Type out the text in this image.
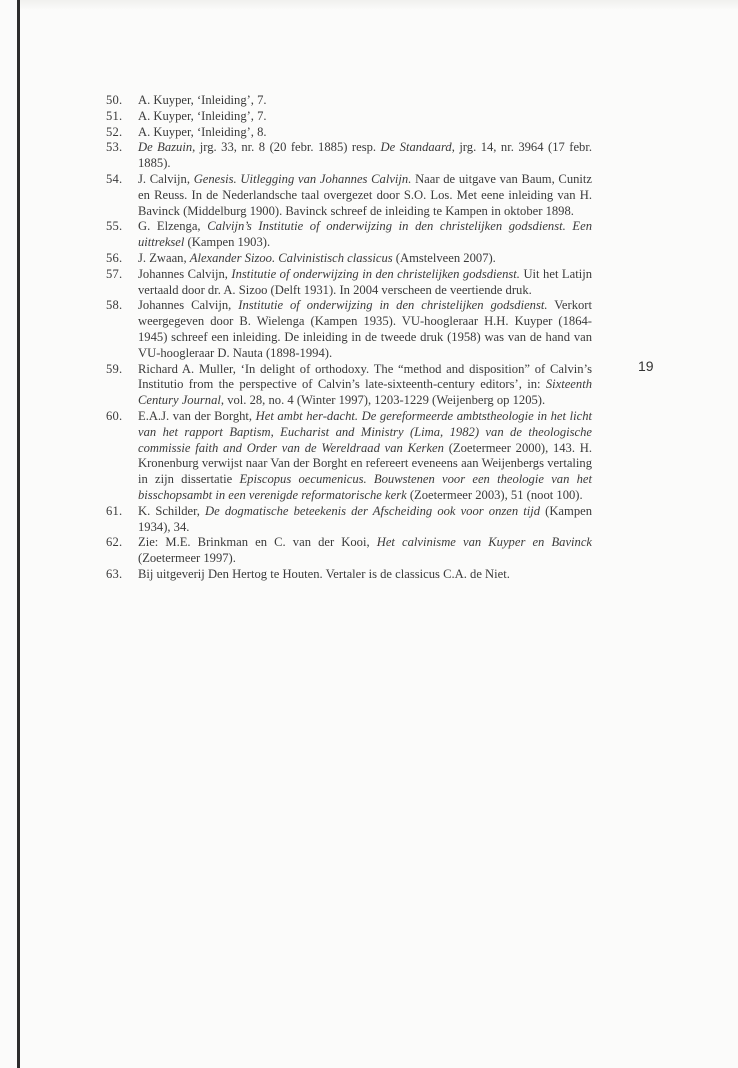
50. A. Kuyper, ‘Inleiding’, 7.
51. A. Kuyper, ‘Inleiding’, 7.
52. A. Kuyper, ‘Inleiding’, 8.
53. De Bazuin, jrg. 33, nr. 8 (20 febr. 1885) resp. De Standaard, jrg. 14, nr. 3964 (17 febr. 1885).
54. J. Calvijn, Genesis. Uitlegging van Johannes Calvijn. Naar de uitgave van Baum, Cunitz en Reuss. In de Nederlandsche taal overgezet door S.O. Los. Met eene inleiding van H. Bavinck (Middelburg 1900). Bavinck schreef de inleiding te Kampen in oktober 1898.
55. G. Elzenga, Calvijn’s Institutie of onderwijzing in den christelijken godsdienst. Een uittreksel (Kampen 1903).
56. J. Zwaan, Alexander Sizoo. Calvinistisch classicus (Amstelveen 2007).
57. Johannes Calvijn, Institutie of onderwijzing in den christelijken godsdienst. Uit het Latijn vertaald door dr. A. Sizoo (Delft 1931). In 2004 verscheen de veertiende druk.
58. Johannes Calvijn, Institutie of onderwijzing in den christelijken godsdienst. Verkort weergegeven door B. Wielenga (Kampen 1935). VU-hoogleraar H.H. Kuyper (1864-1945) schreef een inleiding. De inleiding in de tweede druk (1958) was van de hand van VU-hoogleraar D. Nauta (1898-1994).
59. Richard A. Muller, ‘In delight of orthodoxy. The “method and disposition” of Calvin’s Institutio from the perspective of Calvin’s late-sixteenth-century editors’, in: Sixteenth Century Journal, vol. 28, no. 4 (Winter 1997), 1203-1229 (Weijenberg op 1205).
60. E.A.J. van der Borght, Het ambt her-dacht. De gereformeerde ambtstheologie in het licht van het rapport Baptism, Eucharist and Ministry (Lima, 1982) van de theologische commissie faith and Order van de Wereldraad van Kerken (Zoetermeer 2000), 143. H. Kronenburg verwijst naar Van der Borght en refereert eveneens aan Weijenbergs vertaling in zijn dissertatie Episcopus oecumenicus. Bouwstenen voor een theologie van het bisschopsambt in een verenigde reformatorische kerk (Zoetermeer 2003), 51 (noot 100).
61. K. Schilder, De dogmatische beteekenis der Afscheiding ook voor onzen tijd (Kampen 1934), 34.
62. Zie: M.E. Brinkman en C. van der Kooi, Het calvinisme van Kuyper en Bavinck (Zoetermeer 1997).
63. Bij uitgeverij Den Hertog te Houten. Vertaler is de classicus C.A. de Niet.
19
